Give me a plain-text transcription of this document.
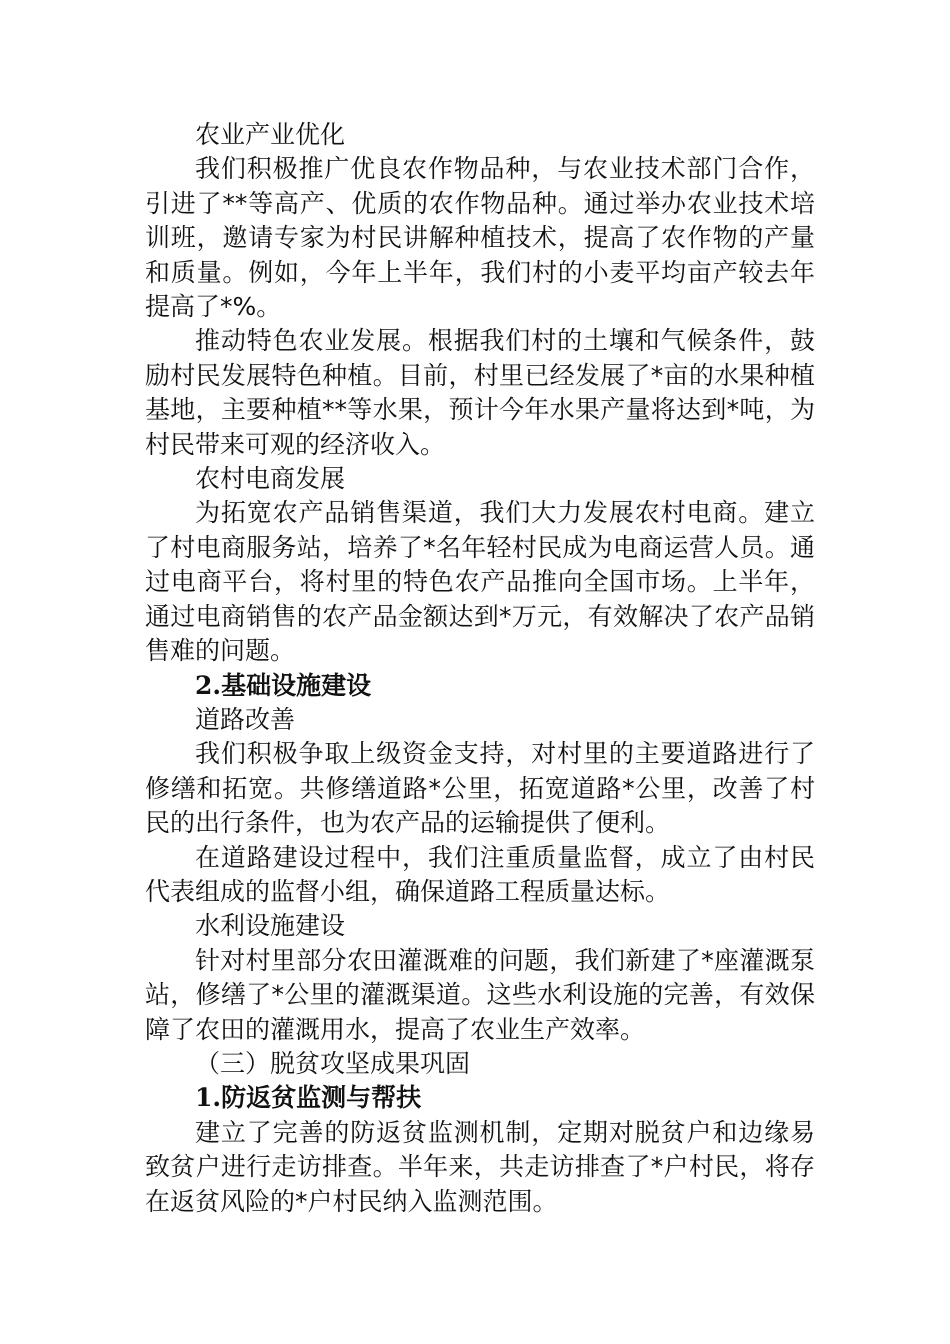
农业产业优化

我们积极推广优良农作物品种，与农业技术部门合作，引进了**等高产、优质的农作物品种。通过举办农业技术培训班，邀请专家为村民讲解种植技术，提高了农作物的产量和质量。例如，今年上半年，我们村的小麦平均亩产较去年提高了*%。

推动特色农业发展。根据我们村的土壤和气候条件，鼓励村民发展特色种植。目前，村里已经发展了*亩的水果种植基地，主要种植**等水果，预计今年水果产量将达到*吨，为村民带来可观的经济收入。

农村电商发展

为拓宽农产品销售渠道，我们大力发展农村电商。建立了村电商服务站，培养了*名年轻村民成为电商运营人员。通过电商平台，将村里的特色农产品推向全国市场。上半年，通过电商销售的农产品金额达到*万元，有效解决了农产品销售难的问题。

2.基础设施建设

道路改善

我们积极争取上级资金支持，对村里的主要道路进行了修缮和拓宽。共修缮道路*公里，拓宽道路*公里，改善了村民的出行条件，也为农产品的运输提供了便利。

在道路建设过程中，我们注重质量监督，成立了由村民代表组成的监督小组，确保道路工程质量达标。

水利设施建设

针对村里部分农田灌溉难的问题，我们新建了*座灌溉泵站，修缮了*公里的灌溉渠道。这些水利设施的完善，有效保障了农田的灌溉用水，提高了农业生产效率。

（三）脱贫攻坚成果巩固

1.防返贫监测与帮扶

建立了完善的防返贫监测机制，定期对脱贫户和边缘易致贫户进行走访排查。半年来，共走访排查了*户村民，将存在返贫风险的*户村民纳入监测范围。
